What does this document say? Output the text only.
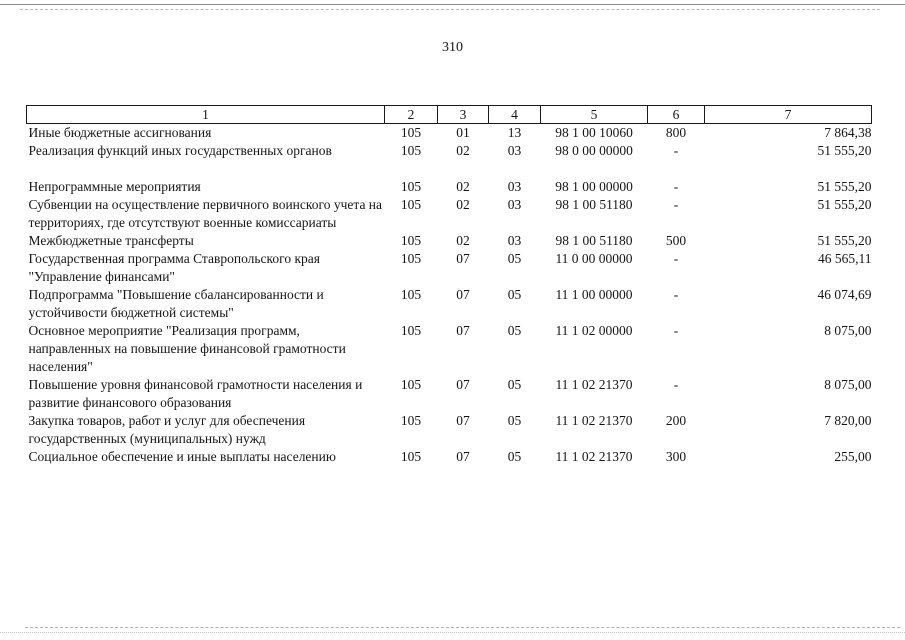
310
1	2	3	4	5	6	7
Иные бюджетные ассигнования	105	01	13	98 1 00 10060	800	7 864,38
Реализация функций иных государственных органов	105	02	03	98 0 00 00000	-	51 555,20

Непрограммные мероприятия	105	02	03	98 1 00 00000	-	51 555,20
Субвенции на осуществление первичного воинского учета на территориях, где отсутствуют военные комиссариаты	105	02	03	98 1 00 51180	-	51 555,20
Межбюджетные трансферты	105	02	03	98 1 00 51180	500	51 555,20
Государственная программа Ставропольского края "Управление финансами"	105	07	05	11 0 00 00000	-	46 565,11
Подпрограмма "Повышение сбалансированности и устойчивости бюджетной системы"	105	07	05	11 1 00 00000	-	46 074,69
Основное мероприятие "Реализация программ, направленных на повышение финансовой грамотности населения"	105	07	05	11 1 02 00000	-	8 075,00
Повышение уровня финансовой грамотности населения и развитие финансового образования	105	07	05	11 1 02 21370	-	8 075,00
Закупка товаров, работ и услуг для обеспечения государственных (муниципальных) нужд	105	07	05	11 1 02 21370	200	7 820,00
Социальное обеспечение и иные выплаты населению	105	07	05	11 1 02 21370	300	255,00
